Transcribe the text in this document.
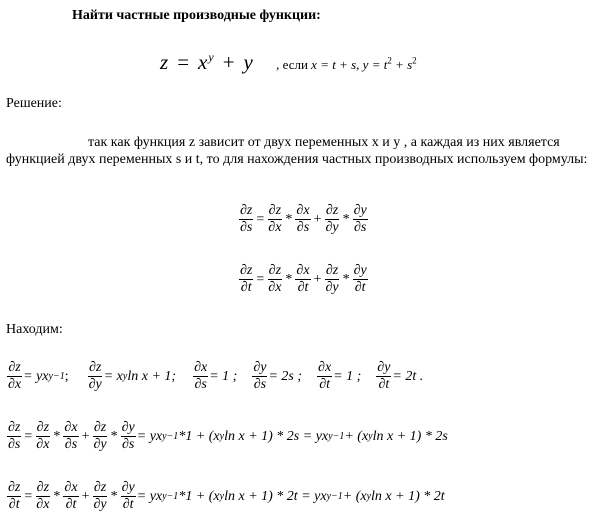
Найти частные производные функции:
$z = x^y + y$ , если x = t + s, $y = t^2 + s^2$
Решение:
так как функция z зависит от двух переменных x и y , а каждая из них является функцией двух переменных s и t, то для нахождения частных производных используем формулы:
$\frac{\partial z}{\partial s} = \frac{\partial z}{\partial x} * \frac{\partial x}{\partial s} + \frac{\partial z}{\partial y} * \frac{\partial y}{\partial s}$
$\frac{\partial z}{\partial t} = \frac{\partial z}{\partial x} * \frac{\partial x}{\partial t} + \frac{\partial z}{\partial y} * \frac{\partial y}{\partial t}$
Находим:
$\frac{\partial z}{\partial x}$ = yx y−1 ; $\frac{\partial z}{\partial y} = x$ y ln x + 1; $\frac{\partial x}{\partial s} = 1$ ; $\frac{\partial y}{\partial s} = 2s$ ; $\frac{\partial x}{\partial t} = 1$ ; $\frac{\partial y}{\partial t} = 2t$ .
$\frac{\partial z}{\partial s} = \frac{\partial z}{\partial x} * \frac{\partial x}{\partial s} + \frac{\partial z}{\partial y} * \frac{\partial y}{\partial s}$ = yx y−1 *1 + (x y ln x + 1) * 2s = yx y−1 + (x y ln x + 1) * 2s
$\frac{\partial z}{\partial t} = \frac{\partial z}{\partial x} * \frac{\partial x}{\partial t} + \frac{\partial z}{\partial y} * \frac{\partial y}{\partial t}$ = yx y−1 *1 + (x y ln x + 1) * 2t = yx y−1 + (x y ln x + 1) * 2t
